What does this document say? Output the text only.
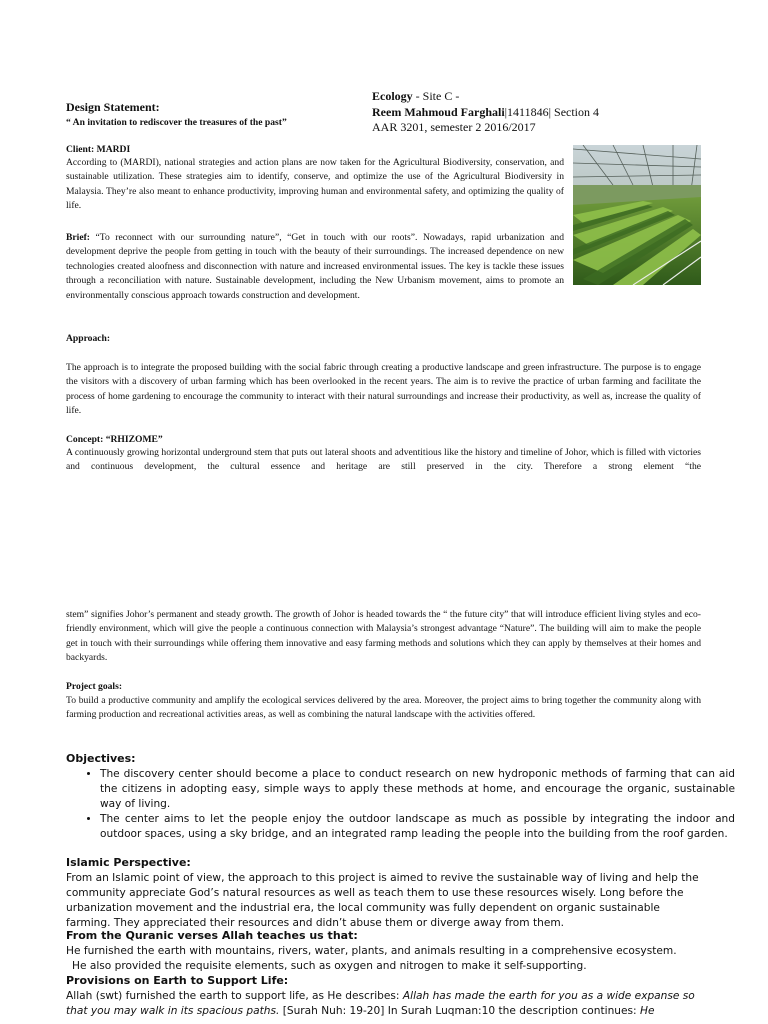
Design Statement:
“ An invitation to rediscover the treasures of the past”
Ecology - Site C -
Reem Mahmoud Farghali|1411846| Section 4
AAR 3201, semester 2 2016/2017
Client: MARDI

According to (MARDI), national strategies and action plans are now taken for the Agricultural Biodiversity, conservation, and sustainable utilization. These strategies aim to identify, conserve, and optimize the use of the Agricultural Biodiversity in Malaysia. They’re also meant to enhance productivity, improving human and environmental safety, and optimizing the quality of life.

Brief: “To reconnect with our surrounding nature”, “Get in touch with our roots”. Nowadays, rapid urbanization and development deprive the people from getting in touch with the beauty of their surroundings. The increased dependence on new technologies created aloofness and disconnection with nature and increased environmental issues. The key is tackle these issues through a reconciliation with nature. Sustainable development, including the New Urbanism movement, aims to promote an environmentally conscious approach towards construction and development.

Approach:

The approach is to integrate the proposed building with the social fabric through creating a productive landscape and green infrastructure. The purpose is to engage the visitors with a discovery of urban farming which has been overlooked in the recent years. The aim is to revive the practice of urban farming and facilitate the process of home gardening to encourage the community to interact with their natural surroundings and increase their productivity, as well as, increase the quality of life.

Concept: “RHIZOME”

A continuously growing horizontal underground stem that puts out lateral shoots and adventitious like the history and timeline of Johor, which is filled with victories and continuous development, the cultural essence and heritage are still preserved in the city. Therefore a strong element “the

stem” signifies Johor’s permanent and steady growth. The growth of Johor is headed towards the “ the future city” that will introduce efficient living styles and eco-friendly environment, which will give the people a continuous connection with Malaysia’s strongest advantage “Nature”. The building will aim to make the people get in touch with their surroundings while offering them innovative and easy farming methods and solutions which they can apply by themselves at their homes and backyards.

Project goals:

To build a productive community and amplify the ecological services delivered by the area. Moreover, the project aims to bring together the community along with farming production and recreational activities areas, as well as combining the natural landscape with the activities offered.

Objectives:
• The discovery center should become a place to conduct research on new hydroponic methods of farming that can aid the citizens in adopting easy, simple ways to apply these methods at home, and encourage the organic, sustainable way of living.
• The center aims to let the people enjoy the outdoor landscape as much as possible by integrating the indoor and outdoor spaces, using a sky bridge, and an integrated ramp leading the people into the building from the roof garden.
Islamic Perspective:

From an Islamic point of view, the approach to this project is aimed to revive the sustainable way of living and help the community appreciate God’s natural resources as well as teach them to use these resources wisely. Long before the urbanization movement and the industrial era, the local community was fully dependent on organic sustainable farming. They appreciated their resources and didn’t abuse them or diverge away from them.

From the Quranic verses Allah teaches us that:
He furnished the earth with mountains, rivers, water, plants, and animals resulting in a comprehensive ecosystem.
He also provided the requisite elements, such as oxygen and nitrogen to make it self-supporting.
Provisions on Earth to Support Life:

Allah (swt) furnished the earth to support life, as He describes: Allah has made the earth for you as a wide expanse so that you may walk in its spacious paths. [Surah Nuh: 19-20] In Surah Luqman:10 the description continues: He
